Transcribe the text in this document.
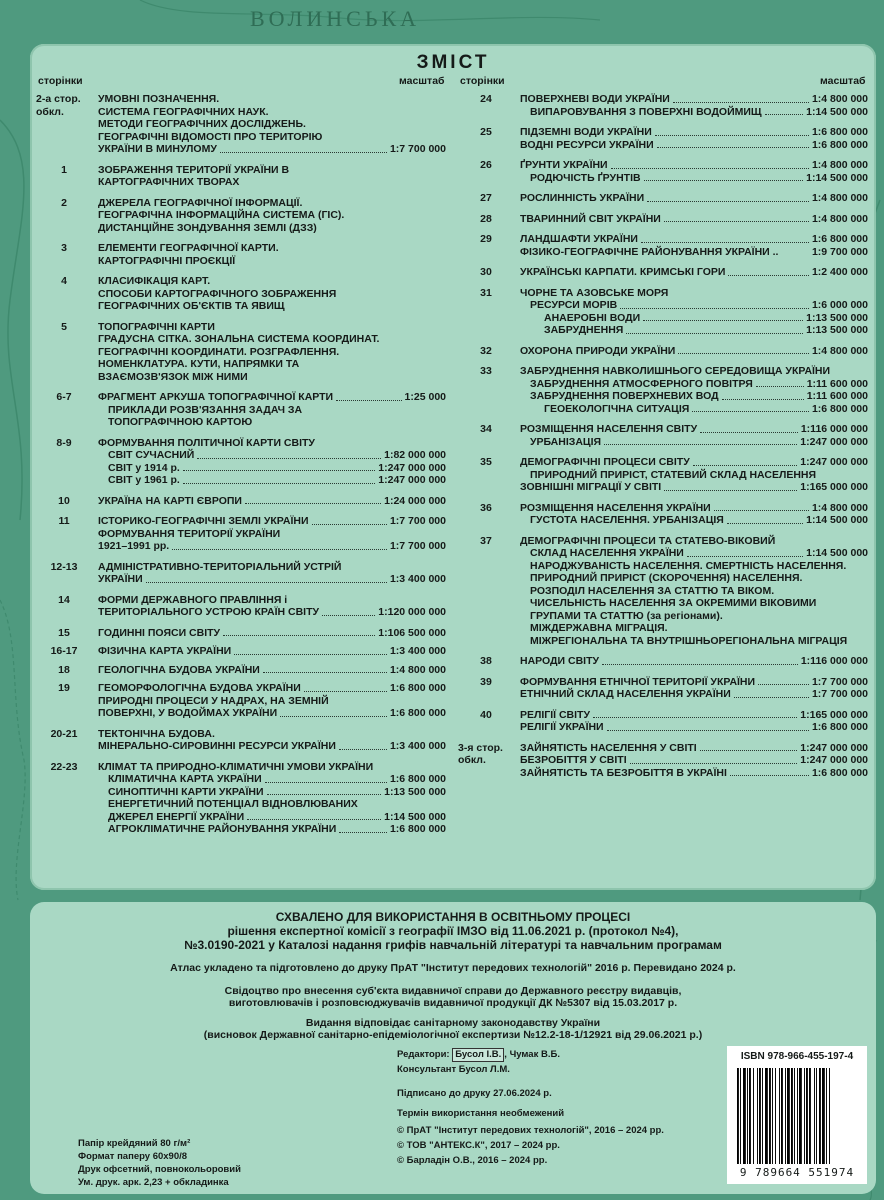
ВОЛИНСЬКА
ЗМІСТ
сторінки	масштаб сторінки	масштаб
2-а стор.
обкл.
УМОВНІ ПОЗНАЧЕННЯ.
СИСТЕМА ГЕОГРАФІЧНИХ НАУК.
МЕТОДИ ГЕОГРАФІЧНИХ ДОСЛІДЖЕНЬ.
ГЕОГРАФІЧНІ ВІДОМОСТІ ПРО ТЕРИТОРІЮ
УКРАЇНИ В МИНУЛОМУ	1:7 700 000
1	ЗОБРАЖЕННЯ ТЕРИТОРІЇ УКРАЇНИ В
КАРТОГРАФІЧНИХ ТВОРАХ
2	ДЖЕРЕЛА ГЕОГРАФІЧНОЇ ІНФОРМАЦІЇ.
ГЕОГРАФІЧНА ІНФОРМАЦІЙНА СИСТЕМА (ГІС).
ДИСТАНЦІЙНЕ ЗОНДУВАННЯ ЗЕМЛІ (ДЗЗ)
3	ЕЛЕМЕНТИ ГЕОГРАФІЧНОЇ КАРТИ.
КАРТОГРАФІЧНІ ПРОЄКЦІЇ
4	КЛАСИФІКАЦІЯ КАРТ.
СПОСОБИ КАРТОГРАФІЧНОГО ЗОБРАЖЕННЯ
ГЕОГРАФІЧНИХ ОБ'ЄКТІВ ТА ЯВИЩ
5	ТОПОГРАФІЧНІ КАРТИ
ГРАДУСНА СІТКА. ЗОНАЛЬНА СИСТЕМА КООРДИНАТ.
ГЕОГРАФІЧНІ КООРДИНАТИ. РОЗГРАФЛЕННЯ.
НОМЕНКЛАТУРА. КУТИ, НАПРЯМКИ ТА
ВЗАЄМОЗВ'ЯЗОК МІЖ НИМИ
6-7	ФРАГМЕНТ АРКУША ТОПОГРАФІЧНОЇ КАРТИ	1:25 000
ПРИКЛАДИ РОЗВ'ЯЗАННЯ ЗАДАЧ ЗА
ТОПОГРАФІЧНОЮ КАРТОЮ
8-9	ФОРМУВАННЯ ПОЛІТИЧНОЇ КАРТИ СВІТУ
СВІТ СУЧАСНИЙ	1:82 000 000
СВІТ у 1914 р.	1:247 000 000
СВІТ у 1961 р.	1:247 000 000
10	УКРАЇНА НА КАРТІ ЄВРОПИ	1:24 000 000
11	ІСТОРИКО-ГЕОГРАФІЧНІ ЗЕМЛІ УКРАЇНИ	1:7 700 000
ФОРМУВАННЯ ТЕРИТОРІЇ УКРАЇНИ
1921–1991 рр.	1:7 700 000
12-13	АДМІНІСТРАТИВНО-ТЕРИТОРІАЛЬНИЙ УСТРІЙ
УКРАЇНИ	1:3 400 000
14	ФОРМИ ДЕРЖАВНОГО ПРАВЛІННЯ і
ТЕРИТОРІАЛЬНОГО УСТРОЮ КРАЇН СВІТУ	1:120 000 000
15	ГОДИННІ ПОЯСИ СВІТУ	1:106 500 000
16-17	ФІЗИЧНА КАРТА УКРАЇНИ	1:3 400 000
18	ГЕОЛОГІЧНА БУДОВА УКРАЇНИ	1:4 800 000
19	ГЕОМОРФОЛОГІЧНА БУДОВА УКРАЇНИ	1:6 800 000
ПРИРОДНІ ПРОЦЕСИ У НАДРАХ, НА ЗЕМНІЙ
ПОВЕРХНІ, У ВОДОЙМАХ УКРАЇНИ	1:6 800 000
20-21	ТЕКТОНІЧНА БУДОВА.
МІНЕРАЛЬНО-СИРОВИННІ РЕСУРСИ УКРАЇНИ	1:3 400 000
22-23	КЛІМАТ ТА ПРИРОДНО-КЛІМАТИЧНІ УМОВИ УКРАЇНИ
КЛІМАТИЧНА КАРТА УКРАЇНИ	1:6 800 000
СИНОПТИЧНІ КАРТИ УКРАЇНИ	1:13 500 000
ЕНЕРГЕТИЧНИЙ ПОТЕНЦІАЛ ВІДНОВЛЮВАНИХ
ДЖЕРЕЛ ЕНЕРГІЇ УКРАЇНИ	1:14 500 000
АГРОКЛІМАТИЧНЕ РАЙОНУВАННЯ УКРАЇНИ	1:6 800 000
24	ПОВЕРХНЕВІ ВОДИ УКРАЇНИ	1:4 800 000
ВИПАРОВУВАННЯ З ПОВЕРХНІ ВОДОЙМИЩ	1:14 500 000
25	ПІДЗЕМНІ ВОДИ УКРАЇНИ	1:6 800 000
ВОДНІ РЕСУРСИ УКРАЇНИ	1:6 800 000
26	ҐРУНТИ УКРАЇНИ	1:4 800 000
РОДЮЧІСТЬ ҐРУНТІВ	1:14 500 000
27	РОСЛИННІСТЬ УКРАЇНИ	1:4 800 000
28	ТВАРИННИЙ СВІТ УКРАЇНИ	1:4 800 000
29	ЛАНДШАФТИ УКРАЇНИ	1:6 800 000
ФІЗИКО-ГЕОГРАФІЧНЕ РАЙОНУВАННЯ УКРАЇНИ ..	1:9 700 000
30	УКРАЇНСЬКІ КАРПАТИ. КРИМСЬКІ ГОРИ	1:2 400 000
31	ЧОРНЕ ТА АЗОВСЬКЕ МОРЯ
РЕСУРСИ МОРІВ	1:6 000 000
АНАЕРОБНІ ВОДИ	1:13 500 000
ЗАБРУДНЕННЯ	1:13 500 000
32	ОХОРОНА ПРИРОДИ УКРАЇНИ	1:4 800 000
33	ЗАБРУДНЕННЯ НАВКОЛИШНЬОГО СЕРЕДОВИЩА УКРАЇНИ
ЗАБРУДНЕННЯ АТМОСФЕРНОГО ПОВІТРЯ	1:11 600 000
ЗАБРУДНЕННЯ ПОВЕРХНЕВИХ ВОД	1:11 600 000
ГЕОЕКОЛОГІЧНА СИТУАЦІЯ	1:6 800 000
34	РОЗМІЩЕННЯ НАСЕЛЕННЯ СВІТУ	1:116 000 000
УРБАНІЗАЦІЯ	1:247 000 000
35	ДЕМОГРАФІЧНІ ПРОЦЕСИ СВІТУ	1:247 000 000
ПРИРОДНИЙ ПРИРІСТ, СТАТЕВИЙ СКЛАД НАСЕЛЕННЯ
ЗОВНІШНІ МІГРАЦІЇ У СВІТІ	1:165 000 000
36	РОЗМІЩЕННЯ НАСЕЛЕННЯ УКРАЇНИ	1:4 800 000
ГУСТОТА НАСЕЛЕННЯ. УРБАНІЗАЦІЯ	1:14 500 000
37	ДЕМОГРАФІЧНІ ПРОЦЕСИ ТА СТАТЕВО-ВІКОВИЙ
СКЛАД НАСЕЛЕННЯ УКРАЇНИ	1:14 500 000
НАРОДЖУВАНІСТЬ НАСЕЛЕННЯ. СМЕРТНІСТЬ НАСЕЛЕННЯ.
ПРИРОДНИЙ ПРИРІСТ (СКОРОЧЕННЯ) НАСЕЛЕННЯ.
РОЗПОДІЛ НАСЕЛЕННЯ ЗА СТАТТЮ ТА ВІКОМ.
ЧИСЕЛЬНІСТЬ НАСЕЛЕННЯ ЗА ОКРЕМИМИ ВІКОВИМИ
ГРУПАМИ ТА СТАТТЮ (за регіонами).
МІЖДЕРЖАВНА МІГРАЦІЯ.
МІЖРЕГІОНАЛЬНА ТА ВНУТРІШНЬОРЕГІОНАЛЬНА МІГРАЦІЯ
38	НАРОДИ СВІТУ	1:116 000 000
39	ФОРМУВАННЯ ЕТНІЧНОЇ ТЕРИТОРІЇ УКРАЇНИ	1:7 700 000
ЕТНІЧНИЙ СКЛАД НАСЕЛЕННЯ УКРАЇНИ	1:7 700 000
40	РЕЛІГІЇ СВІТУ	1:165 000 000
РЕЛІГІЇ УКРАЇНИ	1:6 800 000
3-я стор.
обкл.
ЗАЙНЯТІСТЬ НАСЕЛЕННЯ У СВІТІ	1:247 000 000
БЕЗРОБІТТЯ У СВІТІ	1:247 000 000
ЗАЙНЯТІСТЬ ТА БЕЗРОБІТТЯ В УКРАЇНІ	1:6 800 000
СХВАЛЕНО ДЛЯ ВИКОРИСТАННЯ В ОСВІТНЬОМУ ПРОЦЕСІ
рішення експертної комісії з географії ІМЗО від 11.06.2021 р. (протокол №4),
№3.0190-2021 у Каталозі надання грифів навчальній літературі та навчальним програмам
Атлас укладено та підготовлено до друку ПрАТ "Інститут передових технологій" 2016 р. Перевидано 2024 р.
Свідоцтво про внесення суб'єкта видавничої справи до Державного реєстру видавців,
виготовлювачів і розповсюджувачів видавничої продукції ДК №5307 від 15.03.2017 р.
Видання відповідає санітарному законодавству України
(висновок Державної санітарно-епідеміологічної експертизи №12.2-18-1/12921 від 29.06.2021 р.)
Редактори: Бусол І.В. , Чумак В.Б.
Консультант Бусол Л.М.
Підписано до друку 27.06.2024 р.
Термін використання необмежений
© ПрАТ "Інститут передових технологій", 2016 – 2024 рр.
© ТОВ "АНТЕКС.К", 2017 – 2024 рр.
© Барладін О.В., 2016 – 2024 рр.
Папір крейдяний 80 г/м²
Формат паперу 60х90/8
Друк офсетний, повнокольоровий
Ум. друк. арк. 2,23 + обкладинка
ISBN 978-966-455-197-4
9 789664 551974
